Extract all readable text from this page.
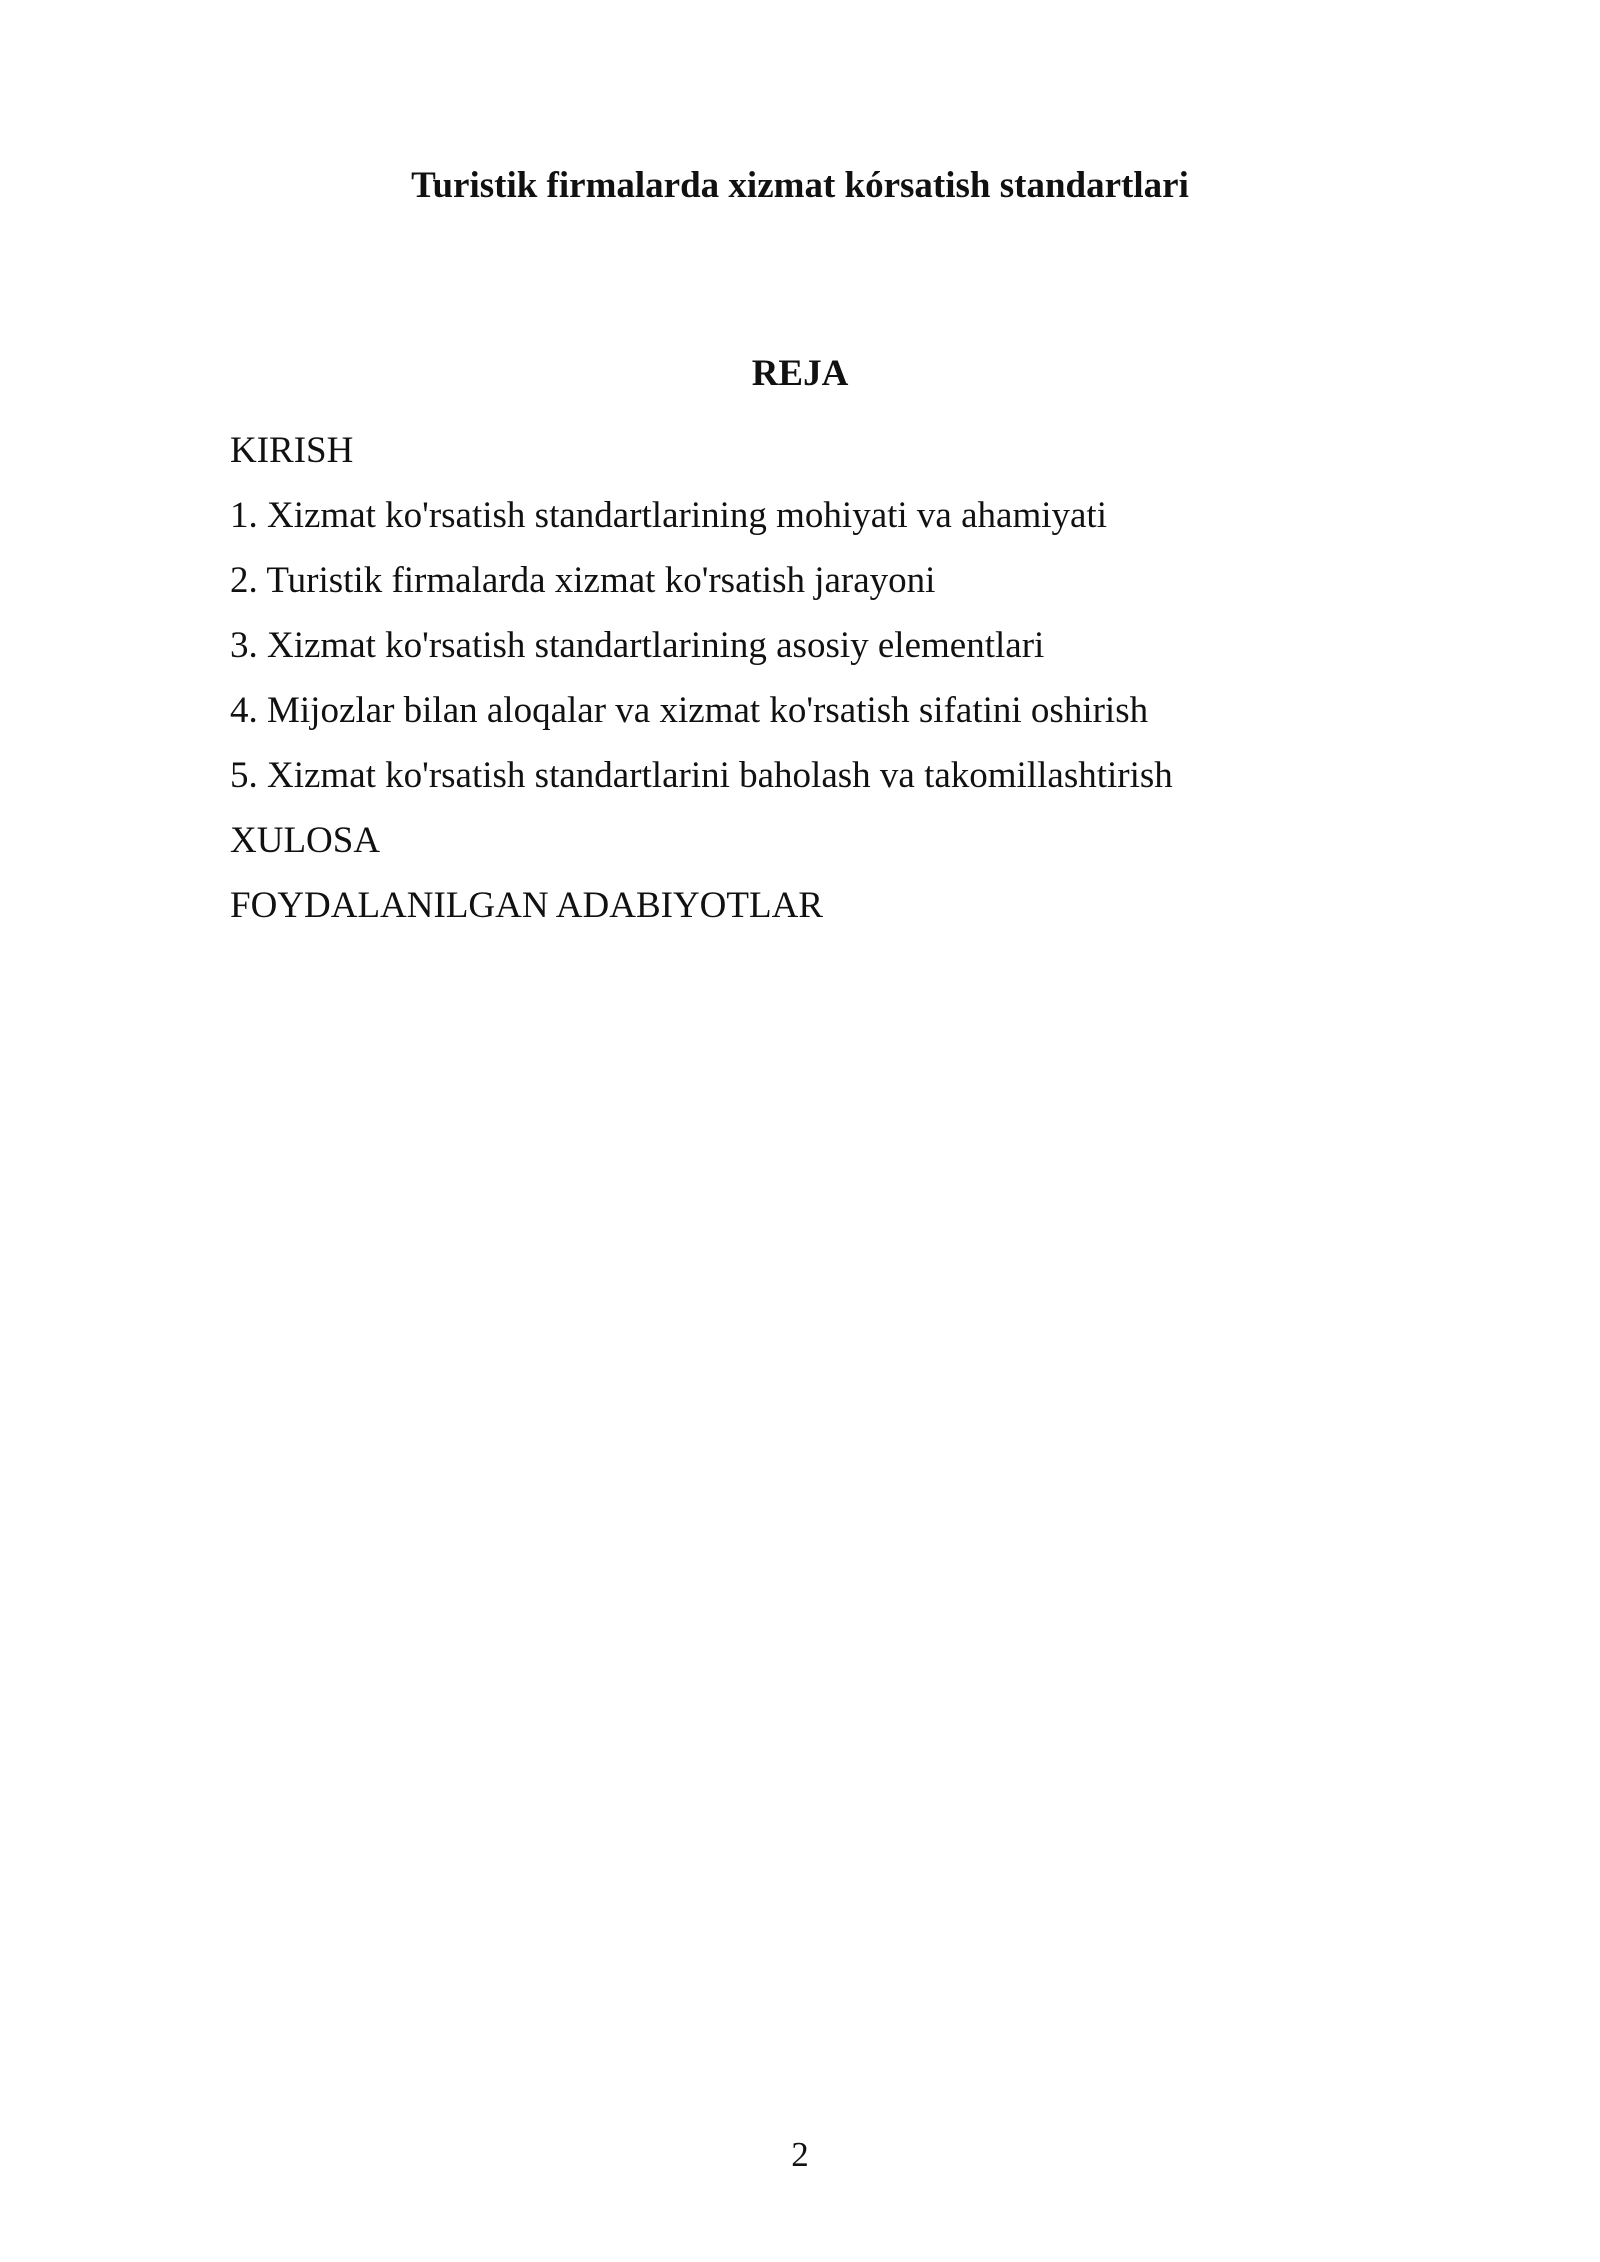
Turistik firmalarda xizmat kórsatish standartlari
REJA
KIRISH
1. Xizmat ko'rsatish standartlarining mohiyati va ahamiyati
2. Turistik firmalarda xizmat ko'rsatish jarayoni
3. Xizmat ko'rsatish standartlarining asosiy elementlari
4. Mijozlar bilan aloqalar va xizmat ko'rsatish sifatini oshirish
5. Xizmat ko'rsatish standartlarini baholash va takomillashtirish
XULOSA
FOYDALANILGAN ADABIYOTLAR
2
